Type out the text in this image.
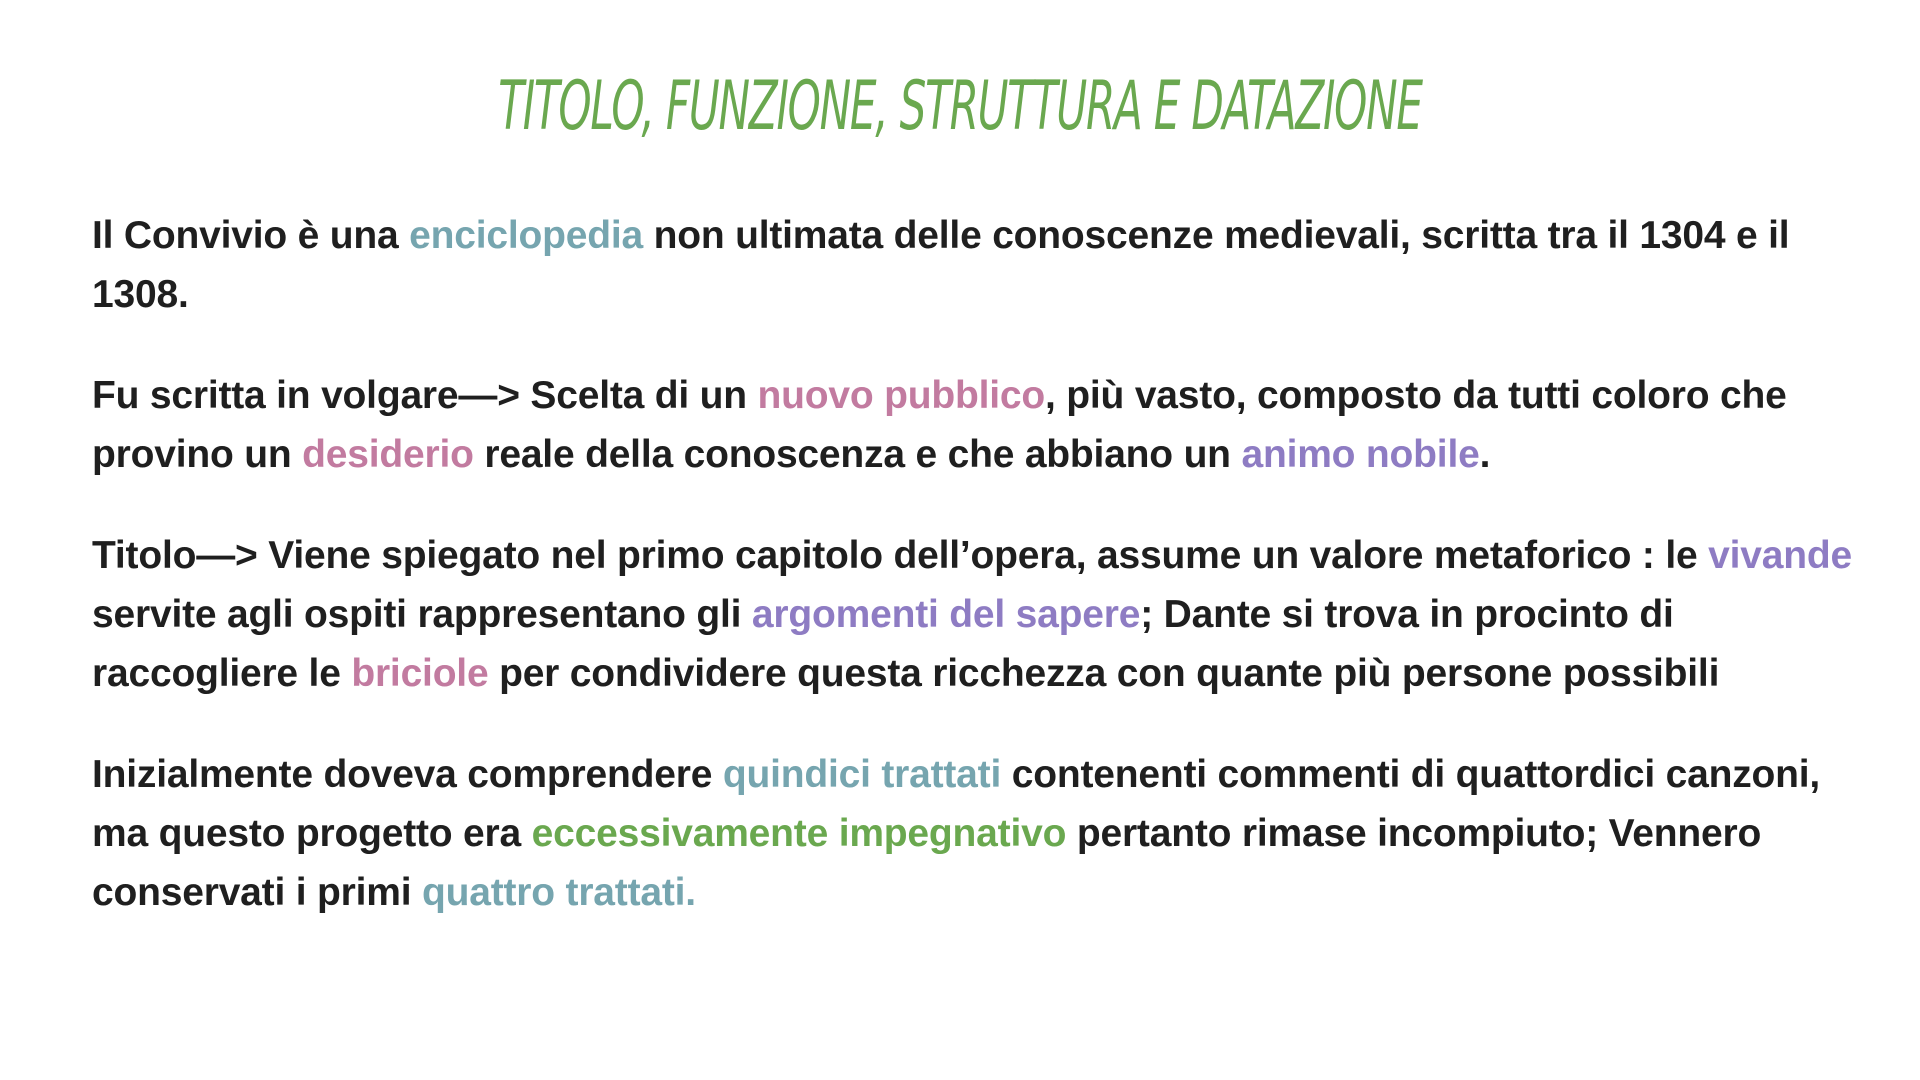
TITOLO, FUNZIONE, STRUTTURA E DATAZIONE

Il Convivio è una enciclopedia non ultimata delle conoscenze medievali, scritta tra il 1304 e il 1308.

Fu scritta in volgare—> Scelta di un nuovo pubblico, più vasto, composto da tutti coloro che provino un desiderio reale della conoscenza e che abbiano un animo nobile.

Titolo—> Viene spiegato nel primo capitolo dell’opera, assume un valore metaforico : le vivande servite agli ospiti rappresentano gli argomenti del sapere; Dante si trova in procinto di raccogliere le briciole per condividere questa ricchezza con quante più persone possibili

Inizialmente doveva comprendere quindici trattati contenenti commenti di quattordici canzoni, ma questo progetto era eccessivamente impegnativo pertanto rimase incompiuto; Vennero conservati i primi quattro trattati.
